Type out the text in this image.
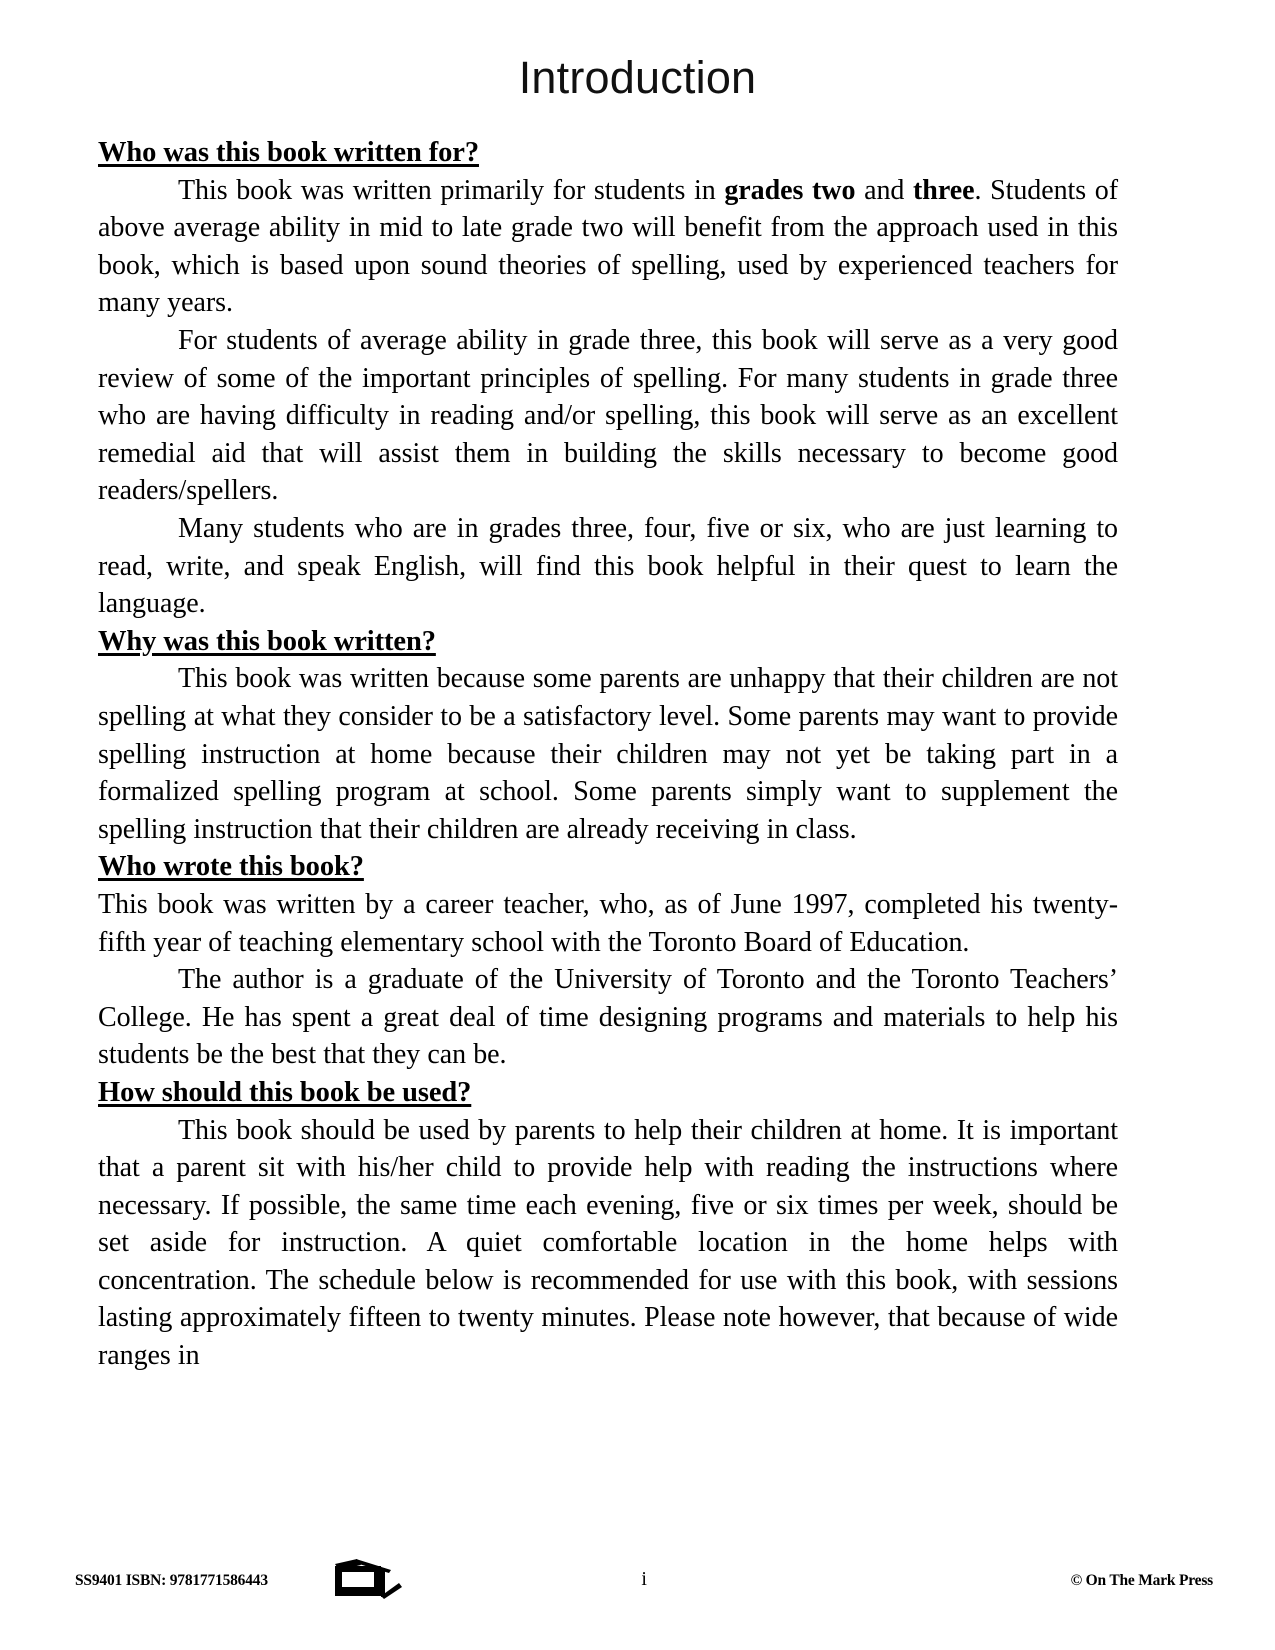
Introduction
Who was this book written for?

This book was written primarily for students in grades two and three. Students of above average ability in mid to late grade two will benefit from the approach used in this book, which is based upon sound theories of spelling, used by experienced teachers for many years.

For students of average ability in grade three, this book will serve as a very good review of some of the important principles of spelling. For many students in grade three who are having difficulty in reading and/or spelling, this book will serve as an excellent remedial aid that will assist them in building the skills necessary to become good readers/spellers.

Many students who are in grades three, four, five or six, who are just learning to read, write, and speak English, will find this book helpful in their quest to learn the language.

Why was this book written?

This book was written because some parents are unhappy that their children are not spelling at what they consider to be a satisfactory level. Some parents may want to provide spelling instruction at home because their children may not yet be taking part in a formalized spelling program at school. Some parents simply want to supplement the spelling instruction that their children are already receiving in class.

Who wrote this book?

This book was written by a career teacher, who, as of June 1997, completed his twenty-fifth year of teaching elementary school with the Toronto Board of Education.

The author is a graduate of the University of Toronto and the Toronto Teachers’ College. He has spent a great deal of time designing programs and materials to help his students be the best that they can be.

How should this book be used?

This book should be used by parents to help their children at home. It is important that a parent sit with his/her child to provide help with reading the instructions where necessary. If possible, the same time each evening, five or six times per week, should be set aside for instruction. A quiet comfortable location in the home helps with concentration. The schedule below is recommended for use with this book, with sessions lasting approximately fifteen to twenty minutes. Please note however, that because of wide ranges in

SS9401 ISBN: 9781771586443	i	© On The Mark Press
